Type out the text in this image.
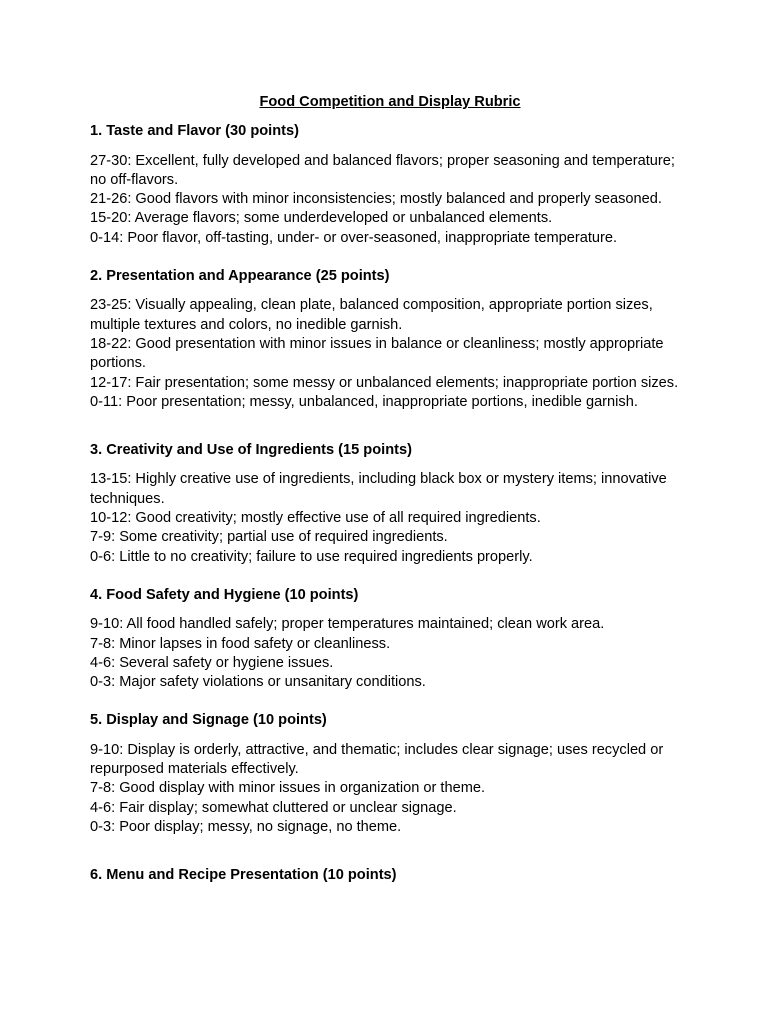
Food Competition and Display Rubric

1. Taste and Flavor (30 points)

27-30: Excellent, fully developed and balanced flavors; proper seasoning and temperature; no off-flavors.

21-26: Good flavors with minor inconsistencies; mostly balanced and properly seasoned.

15-20: Average flavors; some underdeveloped or unbalanced elements.

0-14: Poor flavor, off-tasting, under- or over-seasoned, inappropriate temperature.

2. Presentation and Appearance (25 points)

23-25: Visually appealing, clean plate, balanced composition, appropriate portion sizes, multiple textures and colors, no inedible garnish.

18-22: Good presentation with minor issues in balance or cleanliness; mostly appropriate portions.

12-17: Fair presentation; some messy or unbalanced elements; inappropriate portion sizes.

0-11: Poor presentation; messy, unbalanced, inappropriate portions, inedible garnish.

3. Creativity and Use of Ingredients (15 points)

13-15: Highly creative use of ingredients, including black box or mystery items; innovative techniques.

10-12: Good creativity; mostly effective use of all required ingredients.

7-9: Some creativity; partial use of required ingredients.

0-6: Little to no creativity; failure to use required ingredients properly.

4. Food Safety and Hygiene (10 points)

9-10: All food handled safely; proper temperatures maintained; clean work area.

7-8: Minor lapses in food safety or cleanliness.

4-6: Several safety or hygiene issues.

0-3: Major safety violations or unsanitary conditions.

5. Display and Signage (10 points)

9-10: Display is orderly, attractive, and thematic; includes clear signage; uses recycled or repurposed materials effectively.

7-8: Good display with minor issues in organization or theme.

4-6: Fair display; somewhat cluttered or unclear signage.

0-3: Poor display; messy, no signage, no theme.

6. Menu and Recipe Presentation (10 points)
